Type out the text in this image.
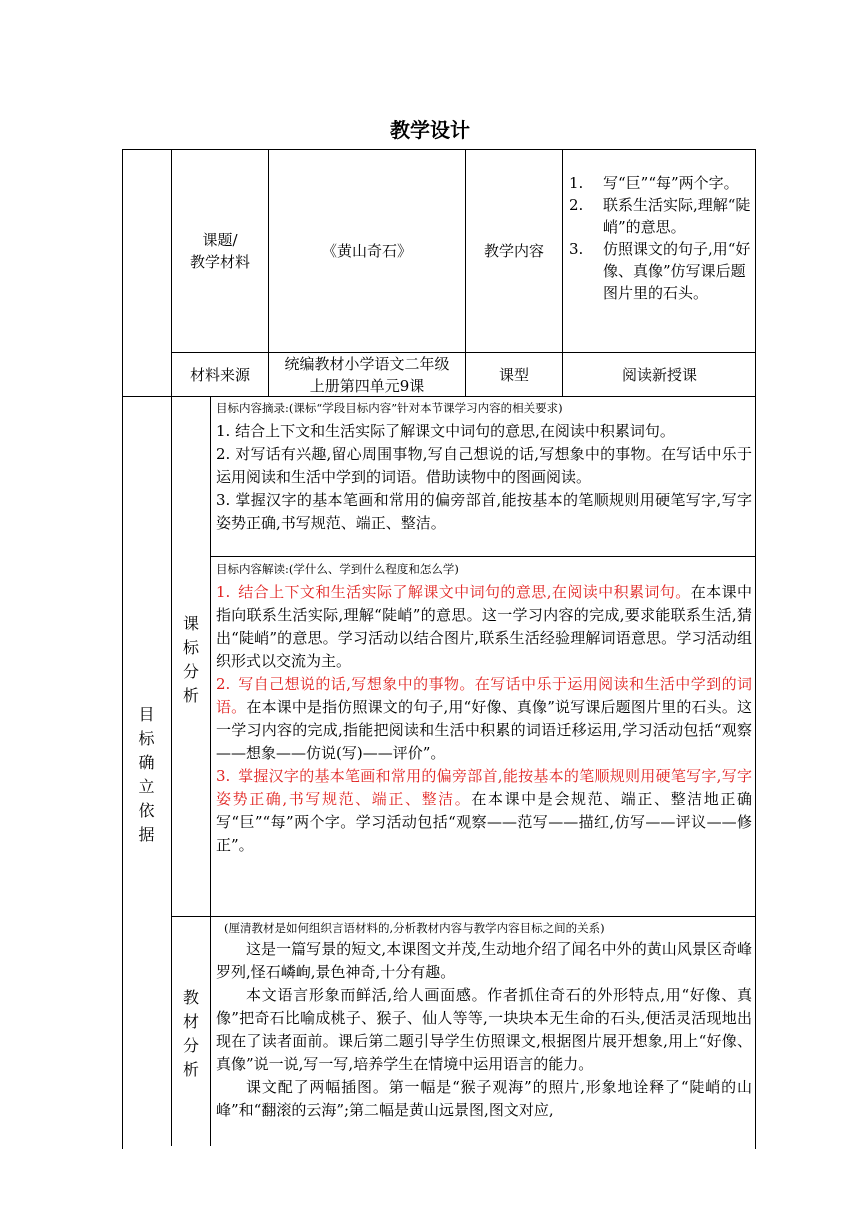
教学设计
课题/
教学材料
《黄山奇石》	教学内容
1. 写“巨”“每”两个字。
2. 联系生活实际,理解“陡峭”的意思。
3. 仿照课文的句子,用“好像、真像”仿写课后题图片里的石头。
材料来源
统编教材小学语文二年级上册第四单元9课
课型	阅读新授课
目
标
确
立
依
据
课
标
分
析
教
材
分
析

目标内容摘录:(课标“学段目标内容”针对本节课学习内容的相关要求)

1. 结合上下文和生活实际了解课文中词句的意思,在阅读中积累词句。

2. 对写话有兴趣,留心周围事物,写自己想说的话,写想象中的事物。在写话中乐于运用阅读和生活中学到的词语。借助读物中的图画阅读。

3. 掌握汉字的基本笔画和常用的偏旁部首,能按基本的笔顺规则用硬笔写字,写字姿势正确,书写规范、端正、整洁。

目标内容解读:(学什么、学到什么程度和怎么学)

1. 结合上下文和生活实际了解课文中词句的意思,在阅读中积累词句。在本课中指向联系生活实际,理解“陡峭”的意思。这一学习内容的完成,要求能联系生活,猜出“陡峭”的意思。学习活动以结合图片,联系生活经验理解词语意思。学习活动组织形式以交流为主。

2. 写自己想说的话,写想象中的事物。在写话中乐于运用阅读和生活中学到的词语。在本课中是指仿照课文的句子,用“好像、真像”说写课后题图片里的石头。这一学习内容的完成,指能把阅读和生活中积累的词语迁移运用,学习活动包括“观察——想象——仿说(写)——评价”。

3. 掌握汉字的基本笔画和常用的偏旁部首,能按基本的笔顺规则用硬笔写字,写字姿势正确,书写规范、端正、整洁。在本课中是会规范、端正、整洁地正确写“巨”“每”两个字。学习活动包括“观察——范写——描红,仿写——评议——修正”。

(厘清教材是如何组织言语材料的,分析教材内容与教学内容目标之间的关系)

这是一篇写景的短文,本课图文并茂,生动地介绍了闻名中外的黄山风景区奇峰罗列,怪石嶙峋,景色神奇,十分有趣。

本文语言形象而鲜活,给人画面感。作者抓住奇石的外形特点,用“好像、真像”把奇石比喻成桃子、猴子、仙人等等,一块块本无生命的石头,便活灵活现地出现在了读者面前。课后第二题引导学生仿照课文,根据图片展开想象,用上“好像、真像”说一说,写一写,培养学生在情境中运用语言的能力。

课文配了两幅插图。第一幅是“猴子观海”的照片,形象地诠释了“陡峭的山峰”和“翻滚的云海”;第二幅是黄山远景图,图文对应,
